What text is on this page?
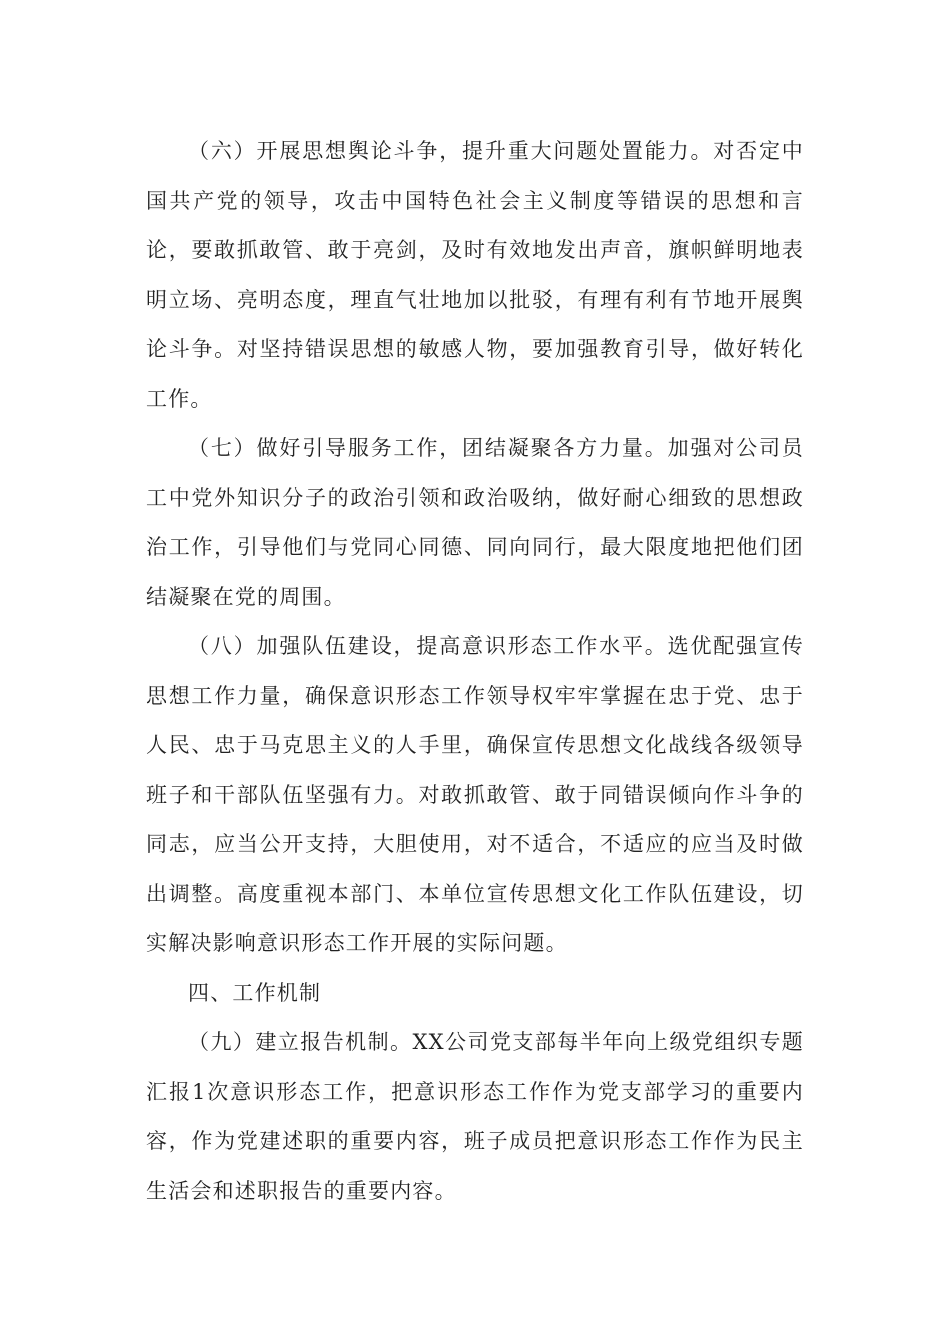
（六）开展思想舆论斗争，提升重大问题处置能力。对否定中国共产党的领导，攻击中国特色社会主义制度等错误的思想和言论，要敢抓敢管、敢于亮剑，及时有效地发出声音，旗帜鲜明地表明立场、亮明态度，理直气壮地加以批驳，有理有利有节地开展舆论斗争。对坚持错误思想的敏感人物，要加强教育引导，做好转化工作。

（七）做好引导服务工作，团结凝聚各方力量。加强对公司员工中党外知识分子的政治引领和政治吸纳，做好耐心细致的思想政治工作，引导他们与党同心同德、同向同行，最大限度地把他们团结凝聚在党的周围。

（八）加强队伍建设，提高意识形态工作水平。选优配强宣传思想工作力量，确保意识形态工作领导权牢牢掌握在忠于党、忠于人民、忠于马克思主义的人手里，确保宣传思想文化战线各级领导班子和干部队伍坚强有力。对敢抓敢管、敢于同错误倾向作斗争的同志，应当公开支持，大胆使用，对不适合，不适应的应当及时做出调整。高度重视本部门、本单位宣传思想文化工作队伍建设，切实解决影响意识形态工作开展的实际问题。

四、工作机制

（九）建立报告机制。XX公司党支部每半年向上级党组织专题汇报1次意识形态工作，把意识形态工作作为党支部学习的重要内容，作为党建述职的重要内容，班子成员把意识形态工作作为民主生活会和述职报告的重要内容。
